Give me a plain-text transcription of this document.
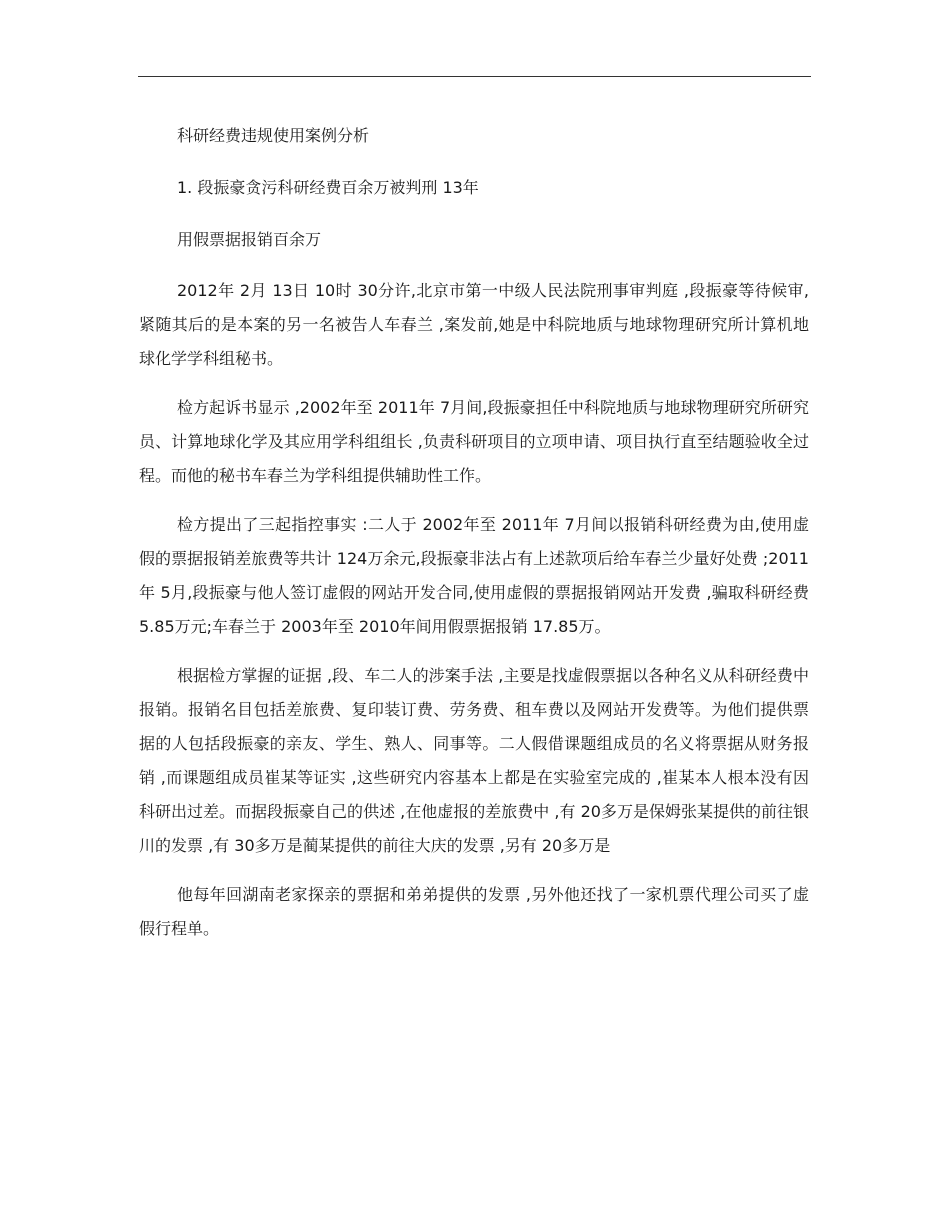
科研经费违规使用案例分析
1. 段振豪贪污科研经费百余万被判刑 13年
用假票据报销百余万

2012年 2月 13日 10时 30分许,北京市第一中级人民法院刑事审判庭 ,段振豪等待候审,紧随其后的是本案的另一名被告人车春兰 ,案发前,她是中科院地质与地球物理研究所计算机地球化学学科组秘书。

检方起诉书显示 ,2002年至 2011年 7月间,段振豪担任中科院地质与地球物理研究所研究员、计算地球化学及其应用学科组组长 ,负责科研项目的立项申请、项目执行直至结题验收全过程。而他的秘书车春兰为学科组提供辅助性工作。

检方提出了三起指控事实 :二人于 2002年至 2011年 7月间以报销科研经费为由,使用虚假的票据报销差旅费等共计 124万余元,段振豪非法占有上述款项后给车春兰少量好处费 ;2011年 5月,段振豪与他人签订虚假的网站开发合同,使用虚假的票据报销网站开发费 ,骗取科研经费 5.85万元;车春兰于 2003年至 2010年间用假票据报销 17.85万。

根据检方掌握的证据 ,段、车二人的涉案手法 ,主要是找虚假票据以各种名义从科研经费中报销。报销名目包括差旅费、复印装订费、劳务费、租车费以及网站开发费等。为他们提供票据的人包括段振豪的亲友、学生、熟人、同事等。二人假借课题组成员的名义将票据从财务报销 ,而课题组成员崔某等证实 ,这些研究内容基本上都是在实验室完成的 ,崔某本人根本没有因科研出过差。而据段振豪自己的供述 ,在他虚报的差旅费中 ,有 20多万是保姆张某提供的前往银川的发票 ,有 30多万是蔺某提供的前往大庆的发票 ,另有 20多万是

他每年回湖南老家探亲的票据和弟弟提供的发票 ,另外他还找了一家机票代理公司买了虚假行程单。
